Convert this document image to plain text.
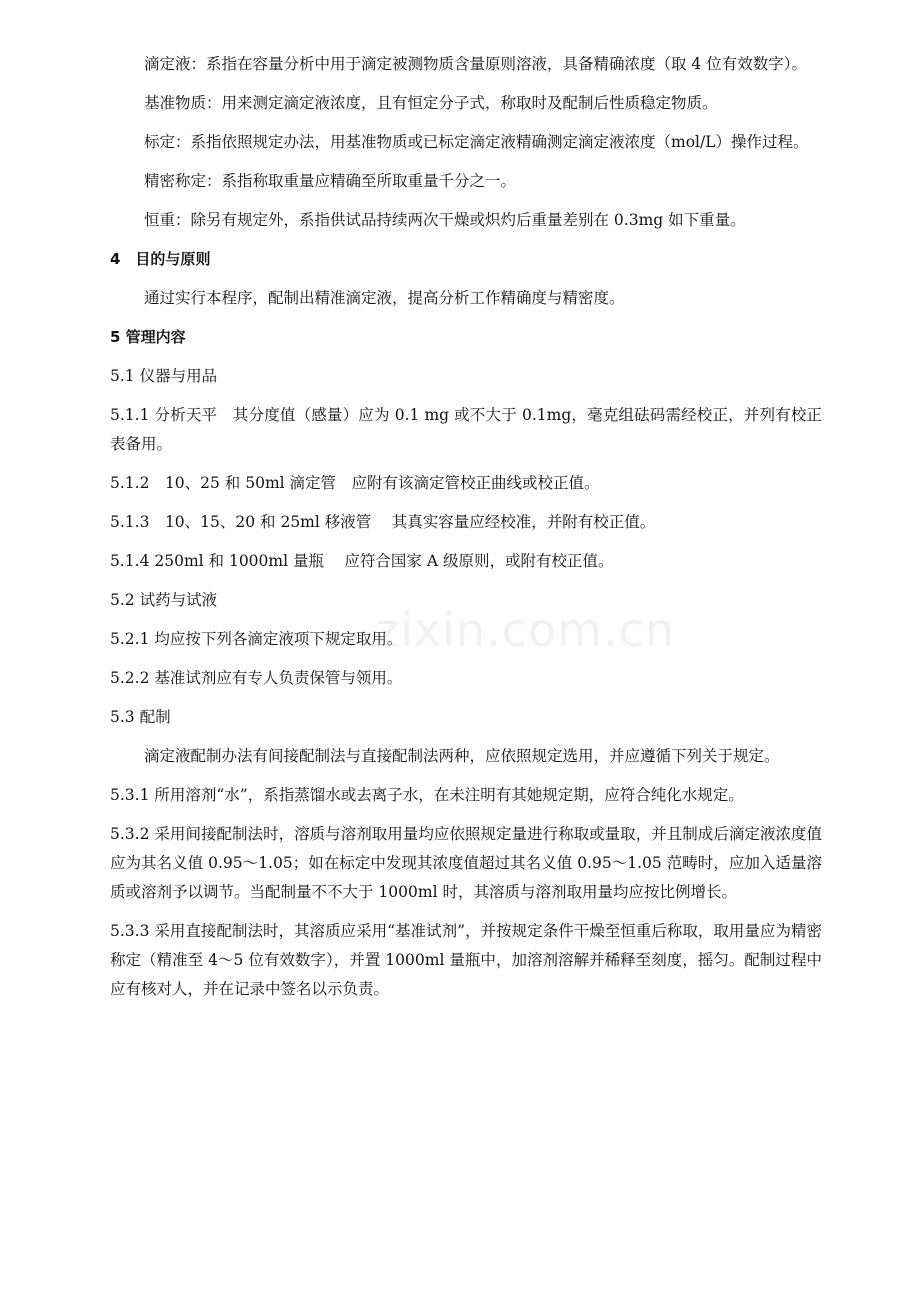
滴定液：系指在容量分析中用于滴定被测物质含量原则溶液，具备精确浓度（取 4 位有效数字）。

基准物质：用来测定滴定液浓度，且有恒定分子式，称取时及配制后性质稳定物质。

标定：系指依照规定办法，用基准物质或已标定滴定液精确测定滴定液浓度（mol/L）操作过程。

精密称定：系指称取重量应精确至所取重量千分之一。

恒重：除另有规定外，系指供试品持续两次干燥或炽灼后重量差别在 0.3mg 如下重量。

4　目的与原则

通过实行本程序，配制出精准滴定液，提高分析工作精确度与精密度。

5 管理内容

5.1 仪器与用品

5.1.1 分析天平　其分度值（感量）应为 0.1 mg 或不大于 0.1mg，毫克组砝码需经校正，并列有校正表备用。

5.1.2　10、25 和 50ml 滴定管　应附有该滴定管校正曲线或校正值。

5.1.3　10、15、20 和 25ml 移液管　 其真实容量应经校准，并附有校正值。

5.1.4 250ml 和 1000ml 量瓶　 应符合国家 A 级原则，或附有校正值。

5.2 试药与试液

5.2.1 均应按下列各滴定液项下规定取用。

5.2.2 基准试剂应有专人负责保管与领用。

5.3 配制

滴定液配制办法有间接配制法与直接配制法两种，应依照规定选用，并应遵循下列关于规定。

5.3.1 所用溶剂“水”，系指蒸馏水或去离子水，在未注明有其她规定期，应符合纯化水规定。

5.3.2 采用间接配制法时，溶质与溶剂取用量均应依照规定量进行称取或量取，并且制成后滴定液浓度值应为其名义值 0.95～1.05；如在标定中发现其浓度值超过其名义值 0.95～1.05 范畴时，应加入适量溶质或溶剂予以调节。当配制量不不大于 1000ml 时，其溶质与溶剂取用量均应按比例增长。

5.3.3 采用直接配制法时，其溶质应采用“基准试剂”，并按规定条件干燥至恒重后称取，取用量应为精密称定（精准至 4～5 位有效数字），并置 1000ml 量瓶中，加溶剂溶解并稀释至刻度，摇匀。配制过程中应有核对人，并在记录中签名以示负责。

zixin.com.cn
